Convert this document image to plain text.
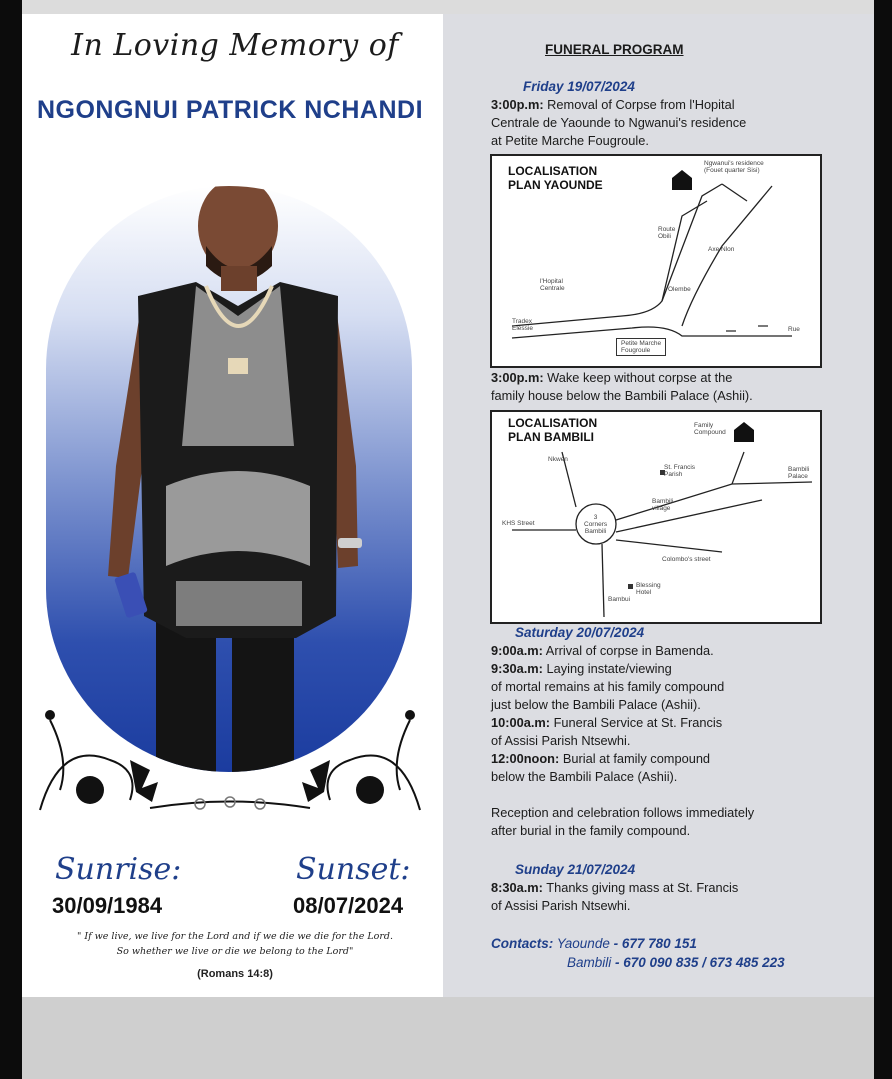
In Loving Memory of
NGONGNUI PATRICK NCHANDI
Sunrise:	Sunset:
30/09/1984	08/07/2024
" If we live, we live for the Lord and if we die we die for the Lord.
So whether we live or die we belong to the Lord"
(Romans 14:8)
FUNERAL PROGRAM
Friday 19/07/2024
3:00p.m: Removal of Corpse from l'Hopital
Centrale de Yaounde to Ngwanui's residence
at Petite Marche Fougroule.
LOCALISATION
PLAN YAOUNDE
Ngwanui's residence
(Fouet quarter Sisi)
l'Hopital
Centrale
Tradex
Elessie
Route
Obili
Olembe
Axe Nlon
Rue
Petite Marche
Fougroule
3:00p.m: Wake keep without corpse at the
family house below the Bambili Palace (Ashii).
LOCALISATION
PLAN BAMBILI
Family
Compound
St. Francis
Parish
Bambili
Palace
Bambili
village
KHS Street
3
Corners
Bambili
Colombo's street
Blessing
Hotel
Bambui
Nkwen
Saturday 20/07/2024
9:00a.m: Arrival of corpse in Bamenda.
9:30a.m: Laying instate/viewing
of mortal remains at his family compound
just below the Bambili Palace (Ashii).
10:00a.m: Funeral Service at St. Francis
of Assisi Parish Ntsewhi.
12:00noon: Burial at family compound
below the Bambili Palace (Ashii).
Reception and celebration follows immediately
after burial in the family compound.
Sunday 21/07/2024
8:30a.m: Thanks giving mass at St. Francis
of Assisi Parish Ntsewhi.
Contacts: Yaounde - 677 780 151
Bambili - 670 090 835 / 673 485 223
